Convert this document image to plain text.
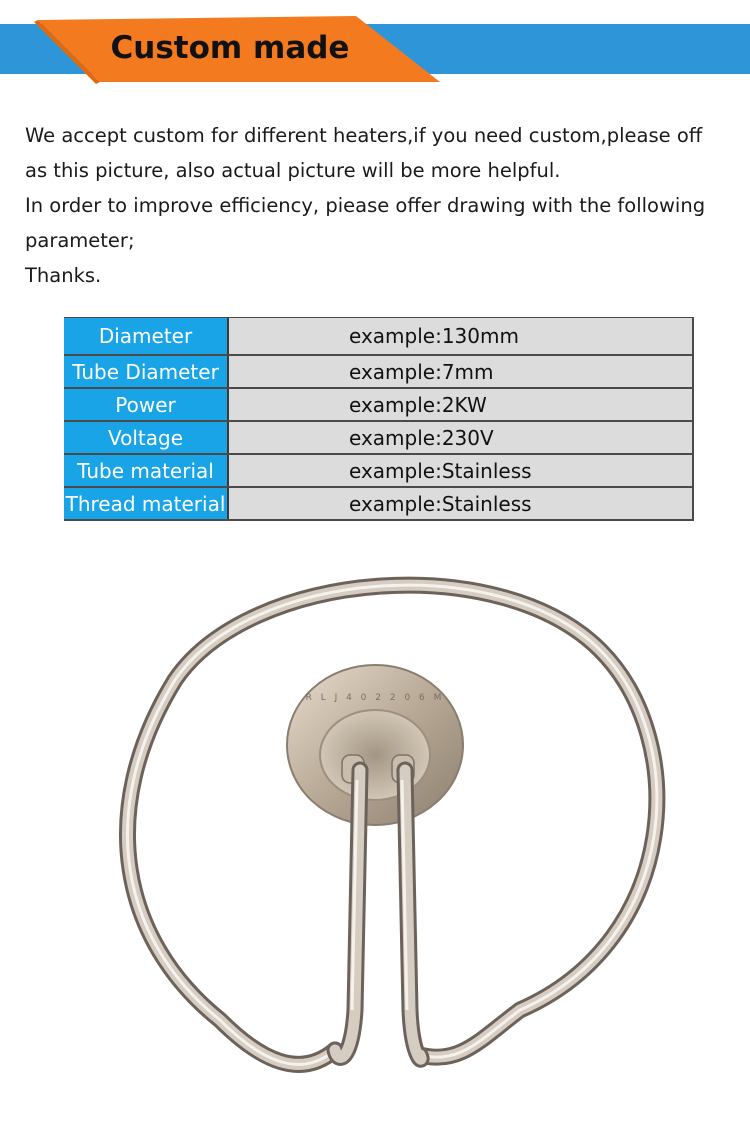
Custom made

We accept custom for different heaters,if you need custom,please off

as this picture, also actual picture will be more helpful.

In order to improve efficiency, piease offer drawing with the following

parameter;

Thanks.

Diameter	example:130mm
Tube Diameter	example:7mm
Power	example:2KW
Voltage	example:230V
Tube material	example:Stainless
Thread material	example:Stainless
R L J 4 0 2 2 0 6 M
